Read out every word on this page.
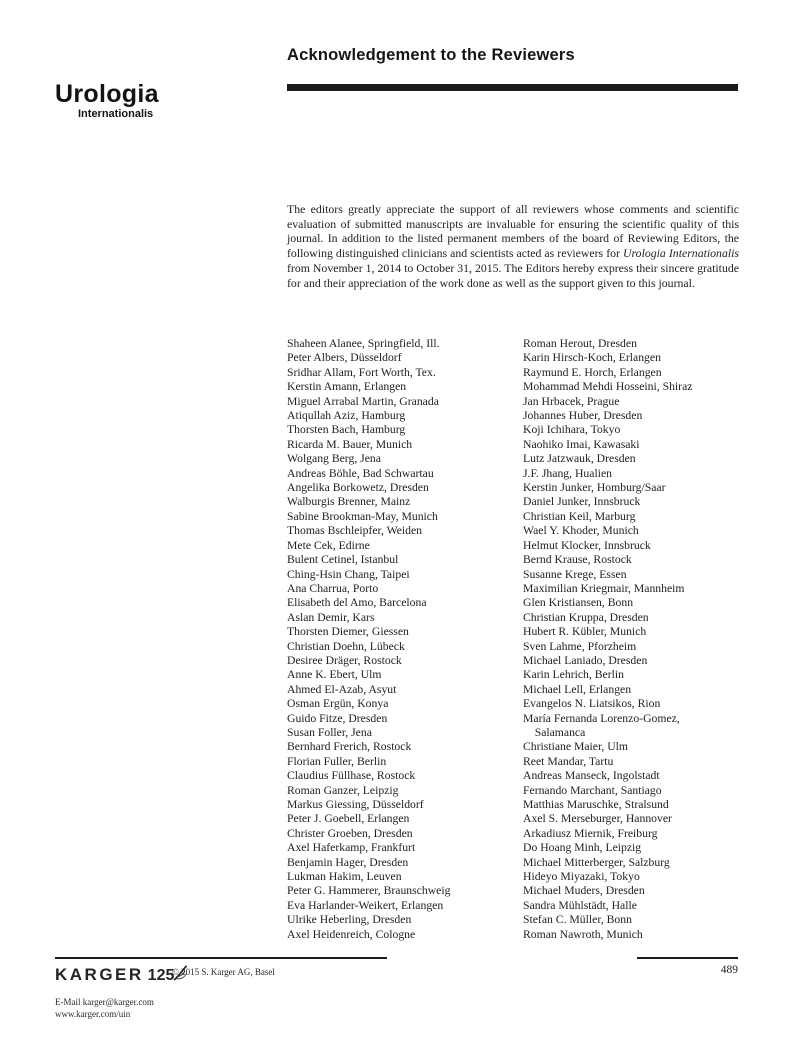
Acknowledgement to the Reviewers
Urologia
Internationalis

The editors greatly appreciate the support of all reviewers whose comments and scientific evaluation of submitted manuscripts are invaluable for ensuring the scientific quality of this journal. In addition to the listed permanent members of the board of Reviewing Editors, the following distinguished clinicians and scientists acted as reviewers for Urologia Internationalis from November 1, 2014 to October 31, 2015. The Editors hereby express their sincere gratitude for and their appreciation of the work done as well as the support given to this journal.

Shaheen Alanee, Springfield, Ill.
Peter Albers, Düsseldorf
Sridhar Allam, Fort Worth, Tex.
Kerstin Amann, Erlangen
Miguel Arrabal Martin, Granada
Atiqullah Aziz, Hamburg
Thorsten Bach, Hamburg
Ricarda M. Bauer, Munich
Wolgang Berg, Jena
Andreas Böhle, Bad Schwartau
Angelika Borkowetz, Dresden
Walburgis Brenner, Mainz
Sabine Brookman-May, Munich
Thomas Bschleipfer, Weiden
Mete Cek, Edirne
Bulent Cetinel, Istanbul
Ching-Hsin Chang, Taipei
Ana Charrua, Porto
Elisabeth del Amo, Barcelona
Aslan Demir, Kars
Thorsten Diemer, Giessen
Christian Doehn, Lübeck
Desiree Dräger, Rostock
Anne K. Ebert, Ulm
Ahmed El-Azab, Asyut
Osman Ergün, Konya
Guido Fitze, Dresden
Susan Foller, Jena
Bernhard Frerich, Rostock
Florian Fuller, Berlin
Claudius Füllhase, Rostock
Roman Ganzer, Leipzig
Markus Giessing, Düsseldorf
Peter J. Goebell, Erlangen
Christer Groeben, Dresden
Axel Haferkamp, Frankfurt
Benjamin Hager, Dresden
Lukman Hakim, Leuven
Peter G. Hammerer, Braunschweig
Eva Harlander-Weikert, Erlangen
Ulrike Heberling, Dresden
Axel Heidenreich, Cologne
Roman Herout, Dresden
Karin Hirsch-Koch, Erlangen
Raymund E. Horch, Erlangen
Mohammad Mehdi Hosseini, Shiraz
Jan Hrbacek, Prague
Johannes Huber, Dresden
Koji Ichihara, Tokyo
Naohiko Imai, Kawasaki
Lutz Jatzwauk, Dresden
J.F. Jhang, Hualien
Kerstin Junker, Homburg/Saar
Daniel Junker, Innsbruck
Christian Keil, Marburg
Wael Y. Khoder, Munich
Helmut Klocker, Innsbruck
Bernd Krause, Rostock
Susanne Krege, Essen
Maximilian Kriegmair, Mannheim
Glen Kristiansen, Bonn
Christian Kruppa, Dresden
Hubert R. Kübler, Munich
Sven Lahme, Pforzheim
Michael Laniado, Dresden
Karin Lehrich, Berlin
Michael Lell, Erlangen
Evangelos N. Liatsikos, Rion
María Fernanda Lorenzo-Gomez,
Salamanca
Christiane Maier, Ulm
Reet Mandar, Tartu
Andreas Manseck, Ingolstadt
Fernando Marchant, Santiago
Matthias Maruschke, Stralsund
Axel S. Merseburger, Hannover
Arkadiusz Miernik, Freiburg
Do Hoang Minh, Leipzig
Michael Mitterberger, Salzburg
Hideyo Miyazaki, Tokyo
Michael Muders, Dresden
Sandra Mühlstädt, Halle
Stefan C. Müller, Bonn
Roman Nawroth, Munich
KARGER 125
© 2015 S. Karger AG, Basel	489
E-Mail karger@karger.com
www.karger.com/uin
